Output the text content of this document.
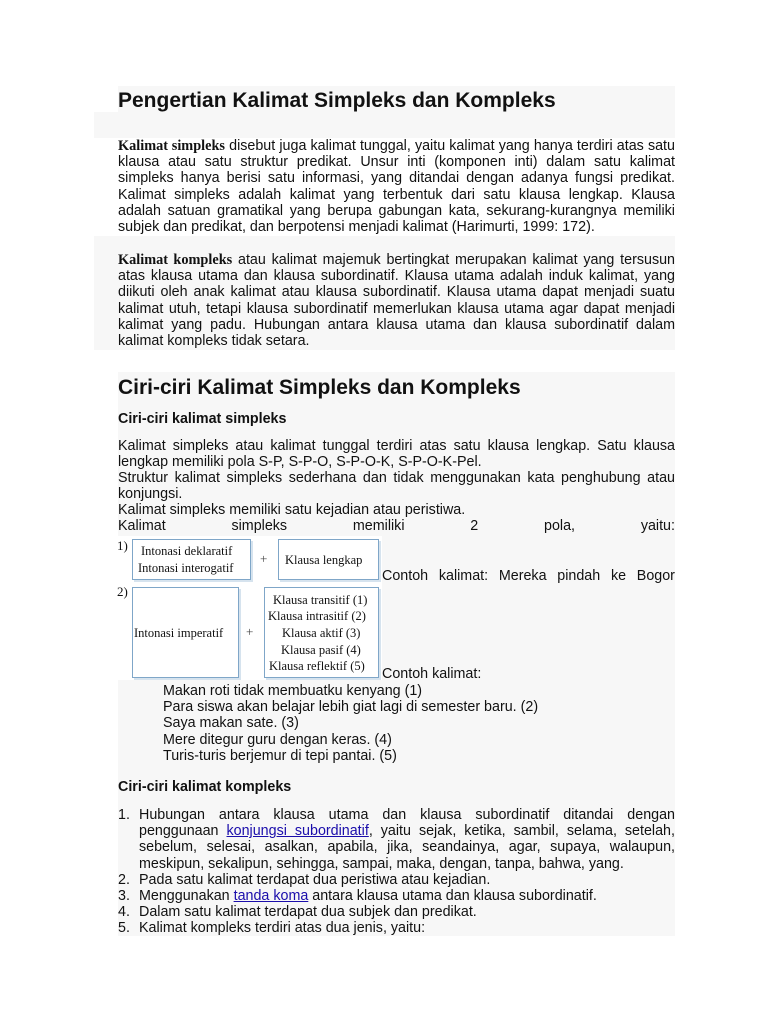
Pengertian Kalimat Simpleks dan Kompleks

Kalimat simpleks disebut juga kalimat tunggal, yaitu kalimat yang hanya terdiri atas satu klausa atau satu struktur predikat. Unsur inti (komponen inti) dalam satu kalimat simpleks hanya berisi satu informasi, yang ditandai dengan adanya fungsi predikat. Kalimat simpleks adalah kalimat yang terbentuk dari satu klausa lengkap. Klausa adalah satuan gramatikal yang berupa gabungan kata, sekurang-kurangnya memiliki subjek dan predikat, dan berpotensi menjadi kalimat (Harimurti, 1999: 172).

Kalimat kompleks atau kalimat majemuk bertingkat merupakan kalimat yang tersusun atas klausa utama dan klausa subordinatif. Klausa utama adalah induk kalimat, yang diikuti oleh anak kalimat atau klausa subordinatif. Klausa utama dapat menjadi suatu kalimat utuh, tetapi klausa subordinatif memerlukan klausa utama agar dapat menjadi kalimat yang padu. Hubungan antara klausa utama dan klausa subordinatif dalam kalimat kompleks tidak setara.

Ciri-ciri Kalimat Simpleks dan Kompleks
Ciri-ciri kalimat simpleks

Kalimat simpleks atau kalimat tunggal terdiri atas satu klausa lengkap. Satu klausa lengkap memiliki pola S-P, S-P-O, S-P-O-K, S-P-O-K-Pel.

Struktur kalimat simpleks sederhana dan tidak menggunakan kata penghubung atau konjungsi.

Kalimat simpleks memiliki satu kejadian atau peristiwa.

Kalimat	simpleks	memiliki	2	pola,	yaitu:
1) Intonasi deklaratif
Intonasi interogatif
+ Klausa lengkap
Contoh kalimat: Mereka pindah ke Bogor
2)
Intonasi imperatif +
Klausa transitif (1)
Klausa intrasitif (2)
Klausa aktif (3)
Klausa pasif (4)
Klausa reflektif (5) Contoh kalimat:
Makan roti tidak membuatku kenyang (1)
Para siswa akan belajar lebih giat lagi di semester baru. (2)
Saya makan sate. (3)
Mere ditegur guru dengan keras. (4)
Turis-turis berjemur di tepi pantai. (5)
Ciri-ciri kalimat kompleks
1. Hubungan antara klausa utama dan klausa subordinatif ditandai dengan penggunaan konjungsi subordinatif, yaitu sejak, ketika, sambil, selama, setelah, sebelum, selesai, asalkan, apabila, jika, seandainya, agar, supaya, walaupun, meskipun, sekalipun, sehingga, sampai, maka, dengan, tanpa, bahwa, yang.
2. Pada satu kalimat terdapat dua peristiwa atau kejadian.
3. Menggunakan tanda koma antara klausa utama dan klausa subordinatif.
4. Dalam satu kalimat terdapat dua subjek dan predikat.
5. Kalimat kompleks terdiri atas dua jenis, yaitu:
